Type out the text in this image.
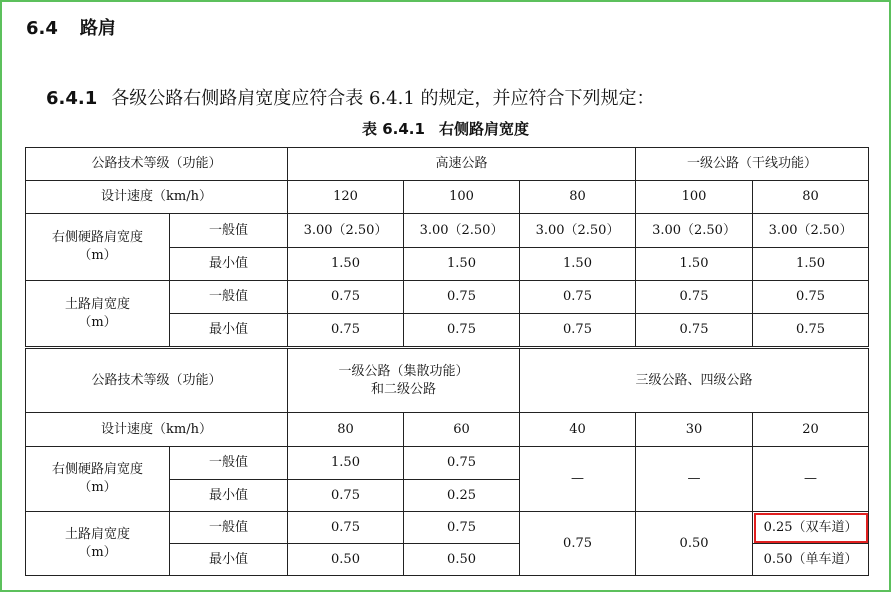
6.4 路肩
6.4.1 各级公路右侧路肩宽度应符合表 6.4.1 的规定，并应符合下列规定：
表 6.4.1 右侧路肩宽度
公路技术等级（功能）		高速公路			一级公路（干线功能）	
设计速度（km/h）		120	100	80	100	80
右侧硬路肩宽度
（m）	一般值	3.00（2.50）	3.00（2.50）	3.00（2.50）	3.00（2.50）	3.00（2.50）
	最小值	1.50	1.50	1.50	1.50	1.50
土路肩宽度
（m）	一般值	0.75	0.75	0.75	0.75	0.75
	最小值	0.75	0.75	0.75	0.75	0.75
公路技术等级（功能）		一级公路（集散功能）
和二级公路		三级公路、四级公路		
设计速度（km/h）		80	60	40	30	20
右侧硬路肩宽度
（m）	一般值	1.50	0.75	—	—	—
	最小值	0.75	0.25			
土路肩宽度
（m）	一般值	0.75	0.75	0.75	0.50	0.25（双车道）
	最小值	0.50	0.50			0.50（单车道）
